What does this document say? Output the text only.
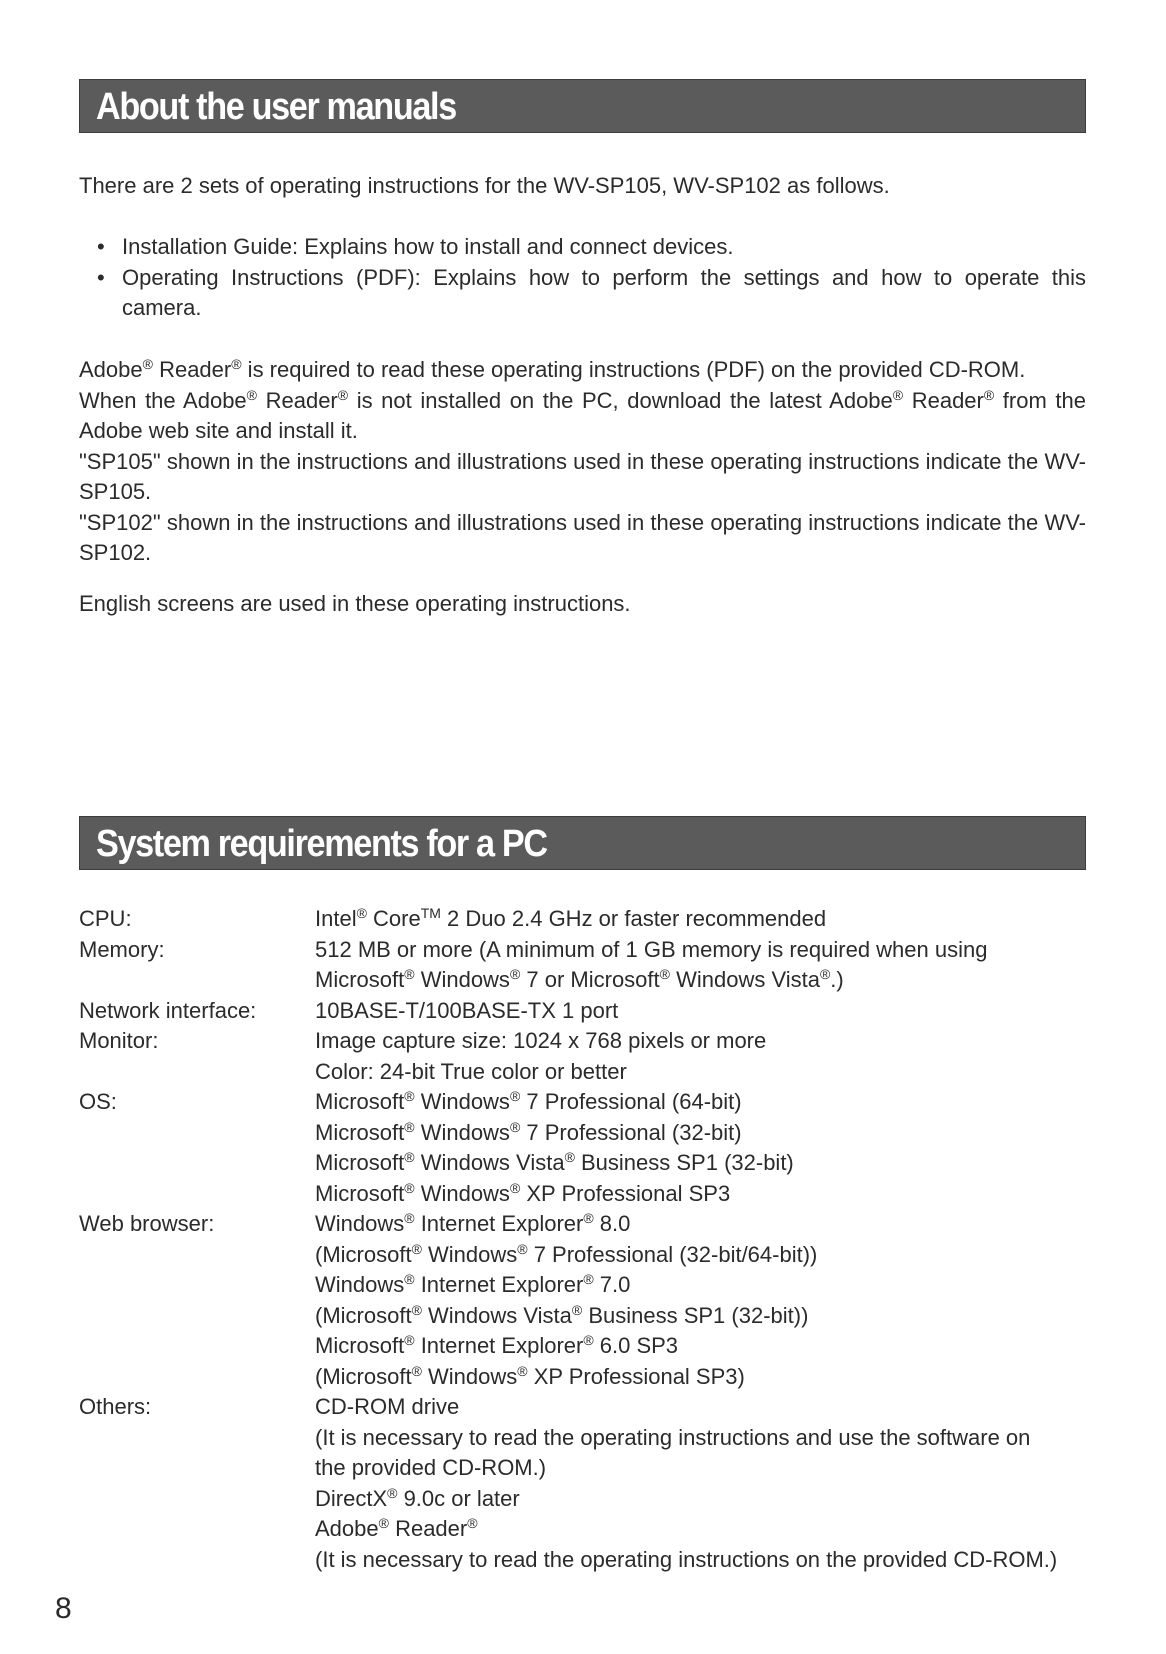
About the user manuals

There are 2 sets of operating instructions for the WV-SP105, WV-SP102 as follows.

• Installation Guide: Explains how to install and connect devices.
• Operating Instructions (PDF): Explains how to perform the settings and how to operate this camera.
Adobe® Reader® is required to read these operating instructions (PDF) on the provided CD-ROM.
When the Adobe® Reader® is not installed on the PC, download the latest Adobe® Reader® from the Adobe web site and install it.
"SP105" shown in the instructions and illustrations used in these operating instructions indicate the WV-SP105.
"SP102" shown in the instructions and illustrations used in these operating instructions indicate the WV-SP102.

English screens are used in these operating instructions.

System requirements for a PC
CPU:	Intel® Core™ 2 Duo 2.4 GHz or faster recommended
Memory:	512 MB or more (A minimum of 1 GB memory is required when using
Microsoft® Windows® 7 or Microsoft® Windows Vista®.)
Network interface:	10BASE-T/100BASE-TX 1 port
Monitor:	Image capture size: 1024 x 768 pixels or more
Color: 24-bit True color or better
OS:	Microsoft® Windows® 7 Professional (64-bit)
Microsoft® Windows® 7 Professional (32-bit)
Microsoft® Windows Vista® Business SP1 (32-bit)
Microsoft® Windows® XP Professional SP3
Web browser:	Windows® Internet Explorer® 8.0
(Microsoft® Windows® 7 Professional (32-bit/64-bit))
Windows® Internet Explorer® 7.0
(Microsoft® Windows Vista® Business SP1 (32-bit))
Microsoft® Internet Explorer® 6.0 SP3
(Microsoft® Windows® XP Professional SP3)
Others:	CD-ROM drive
(It is necessary to read the operating instructions and use the software on
the provided CD-ROM.)
DirectX® 9.0c or later
Adobe® Reader®
(It is necessary to read the operating instructions on the provided CD-ROM.)
8
